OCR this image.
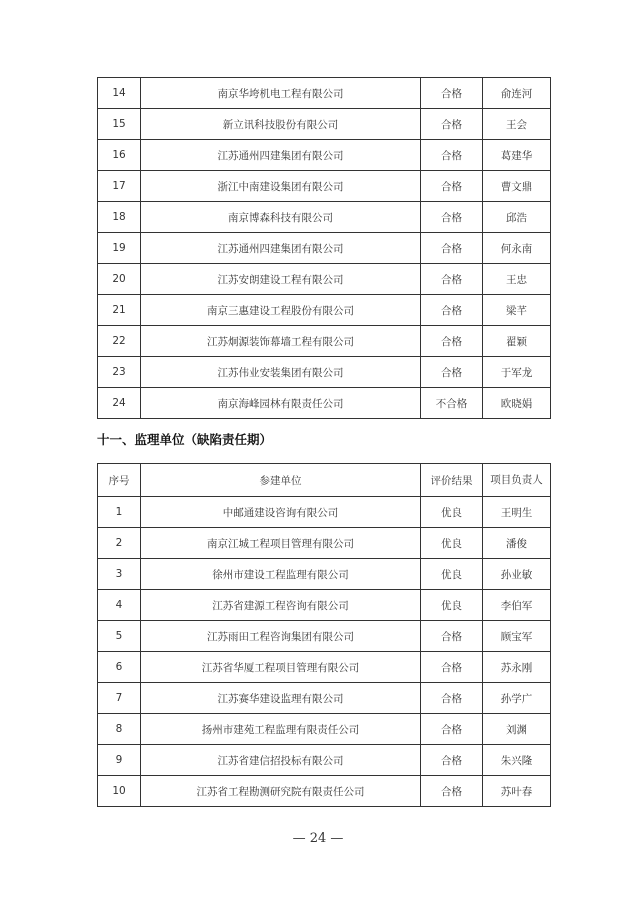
14	南京华垮机电工程有限公司	合格	俞连河
15	新立讯科技股份有限公司	合格	王会
16	江苏通州四建集团有限公司	合格	葛建华
17	浙江中南建设集团有限公司	合格	曹文鼎
18	南京博森科技有限公司	合格	邱浩
19	江苏通州四建集团有限公司	合格	何永南
20	江苏安朗建设工程有限公司	合格	王忠
21	南京三惠建设工程股份有限公司	合格	梁芊
22	江苏炯源装饰幕墙工程有限公司	合格	翟颖
23	江苏伟业安装集团有限公司	合格	于军龙
24	南京海峰园林有限责任公司	不合格	欧晓娟
十一、监理单位（缺陷责任期）
序号	参建单位	评价结果	项目负责人
1	中邮通建设咨询有限公司	优良	王明生
2	南京江城工程项目管理有限公司	优良	潘俊
3	徐州市建设工程监理有限公司	优良	孙业敏
4	江苏省建源工程咨询有限公司	优良	李伯军
5	江苏雨田工程咨询集团有限公司	合格	顾宝军
6	江苏省华厦工程项目管理有限公司	合格	苏永刚
7	江苏赛华建设监理有限公司	合格	孙学广
8	扬州市建苑工程监理有限责任公司	合格	刘渊
9	江苏省建信招投标有限公司	合格	朱兴隆
10	江苏省工程勘测研究院有限责任公司	合格	苏叶春
— 24 —
